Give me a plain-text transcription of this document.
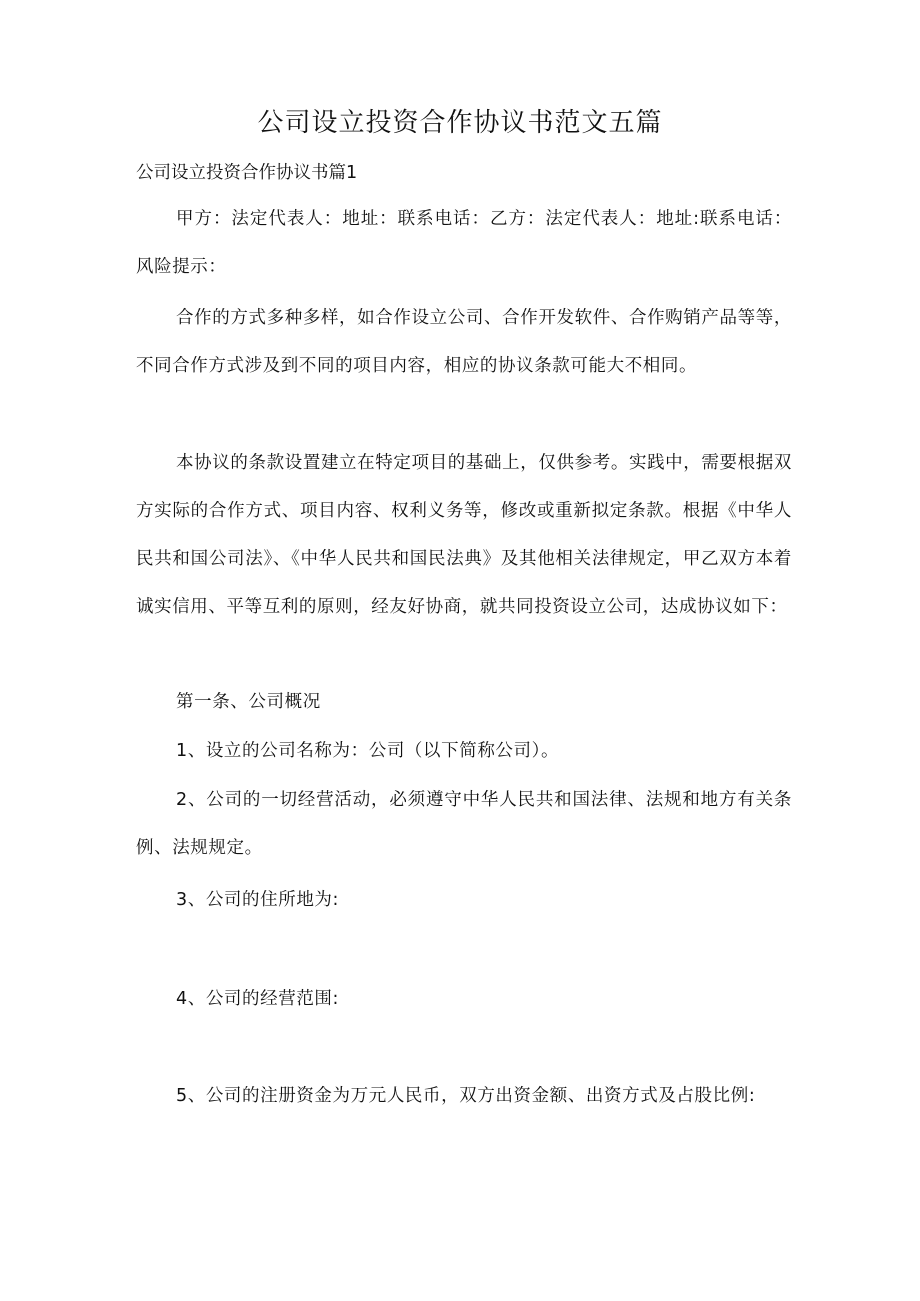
公司设立投资合作协议书范文五篇
公司设立投资合作协议书篇1
甲方：法定代表人：地址：联系电话：乙方：法定代表人：地址:联系电话：风险提示：
合作的方式多种多样，如合作设立公司、合作开发软件、合作购销产品等等，不同合作方式涉及到不同的项目内容，相应的协议条款可能大不相同。
本协议的条款设置建立在特定项目的基础上，仅供参考。实践中，需要根据双方实际的合作方式、项目内容、权利义务等，修改或重新拟定条款。根据《中华人民共和国公司法》、《中华人民共和国民法典》及其他相关法律规定，甲乙双方本着诚实信用、平等互利的原则，经友好协商，就共同投资设立公司，达成协议如下：
第一条、公司概况
1、设立的公司名称为：公司（以下简称公司）。
2、公司的一切经营活动，必须遵守中华人民共和国法律、法规和地方有关条例、法规规定。
3、公司的住所地为:
4、公司的经营范围:
5、公司的注册资金为万元人民币，双方出资金额、出资方式及占股比例:
